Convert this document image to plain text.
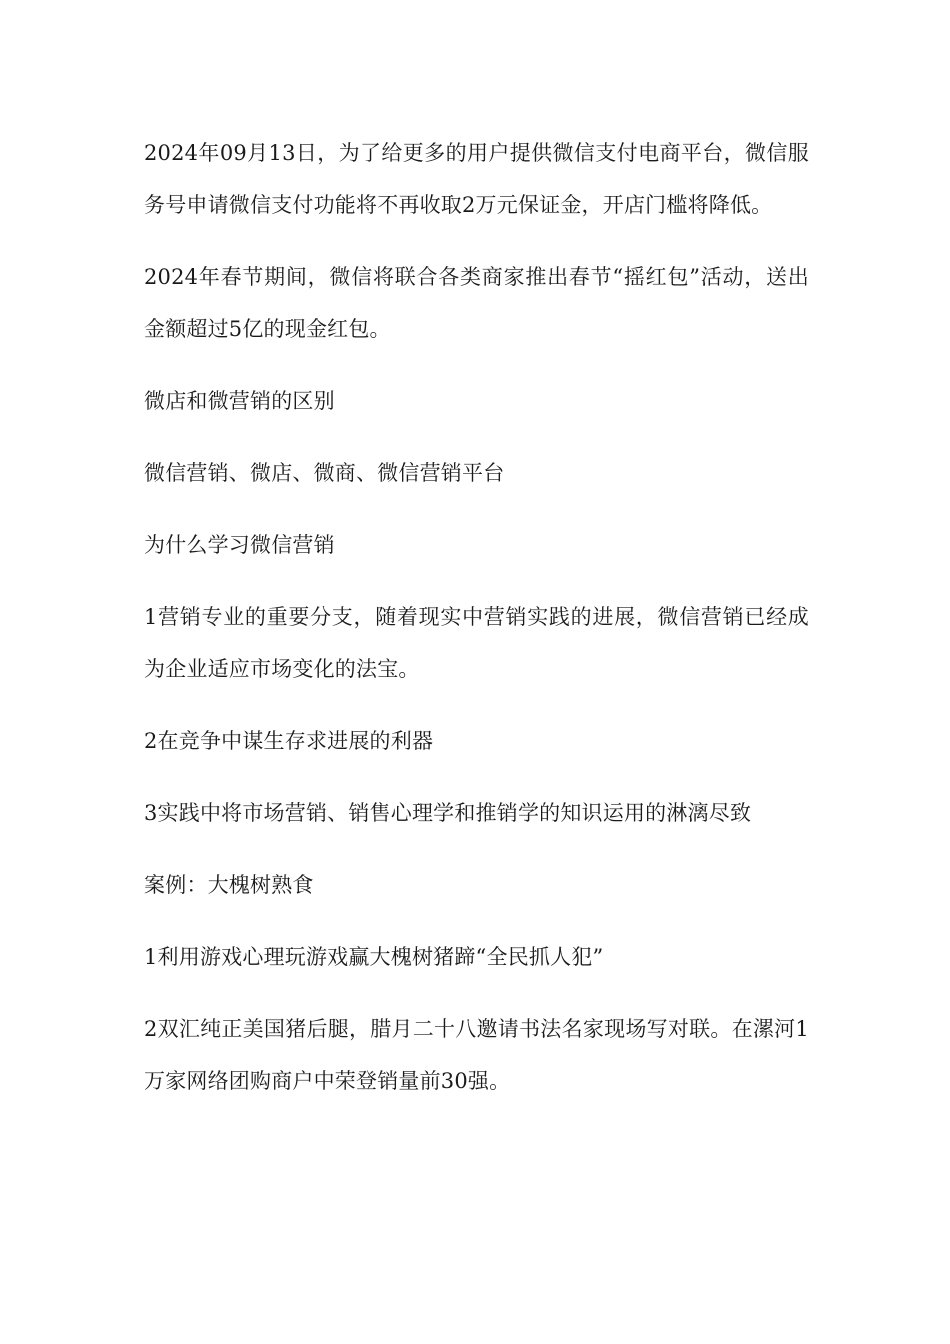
2024年09月13日，为了给更多的用户提供微信支付电商平台，微信服务号申请微信支付功能将不再收取2万元保证金，开店门槛将降低。

2024年春节期间，微信将联合各类商家推出春节“摇红包”活动，送出金额超过5亿的现金红包。

微店和微营销的区别

微信营销、微店、微商、微信营销平台

为什么学习微信营销

1营销专业的重要分支，随着现实中营销实践的进展，微信营销已经成为企业适应市场变化的法宝。

2在竞争中谋生存求进展的利器

3实践中将市场营销、销售心理学和推销学的知识运用的淋漓尽致

案例：大槐树熟食

1利用游戏心理玩游戏赢大槐树猪蹄“全民抓人犯”

2双汇纯正美国猪后腿，腊月二十八邀请书法名家现场写对联。在漯河1万家网络团购商户中荣登销量前30强。
